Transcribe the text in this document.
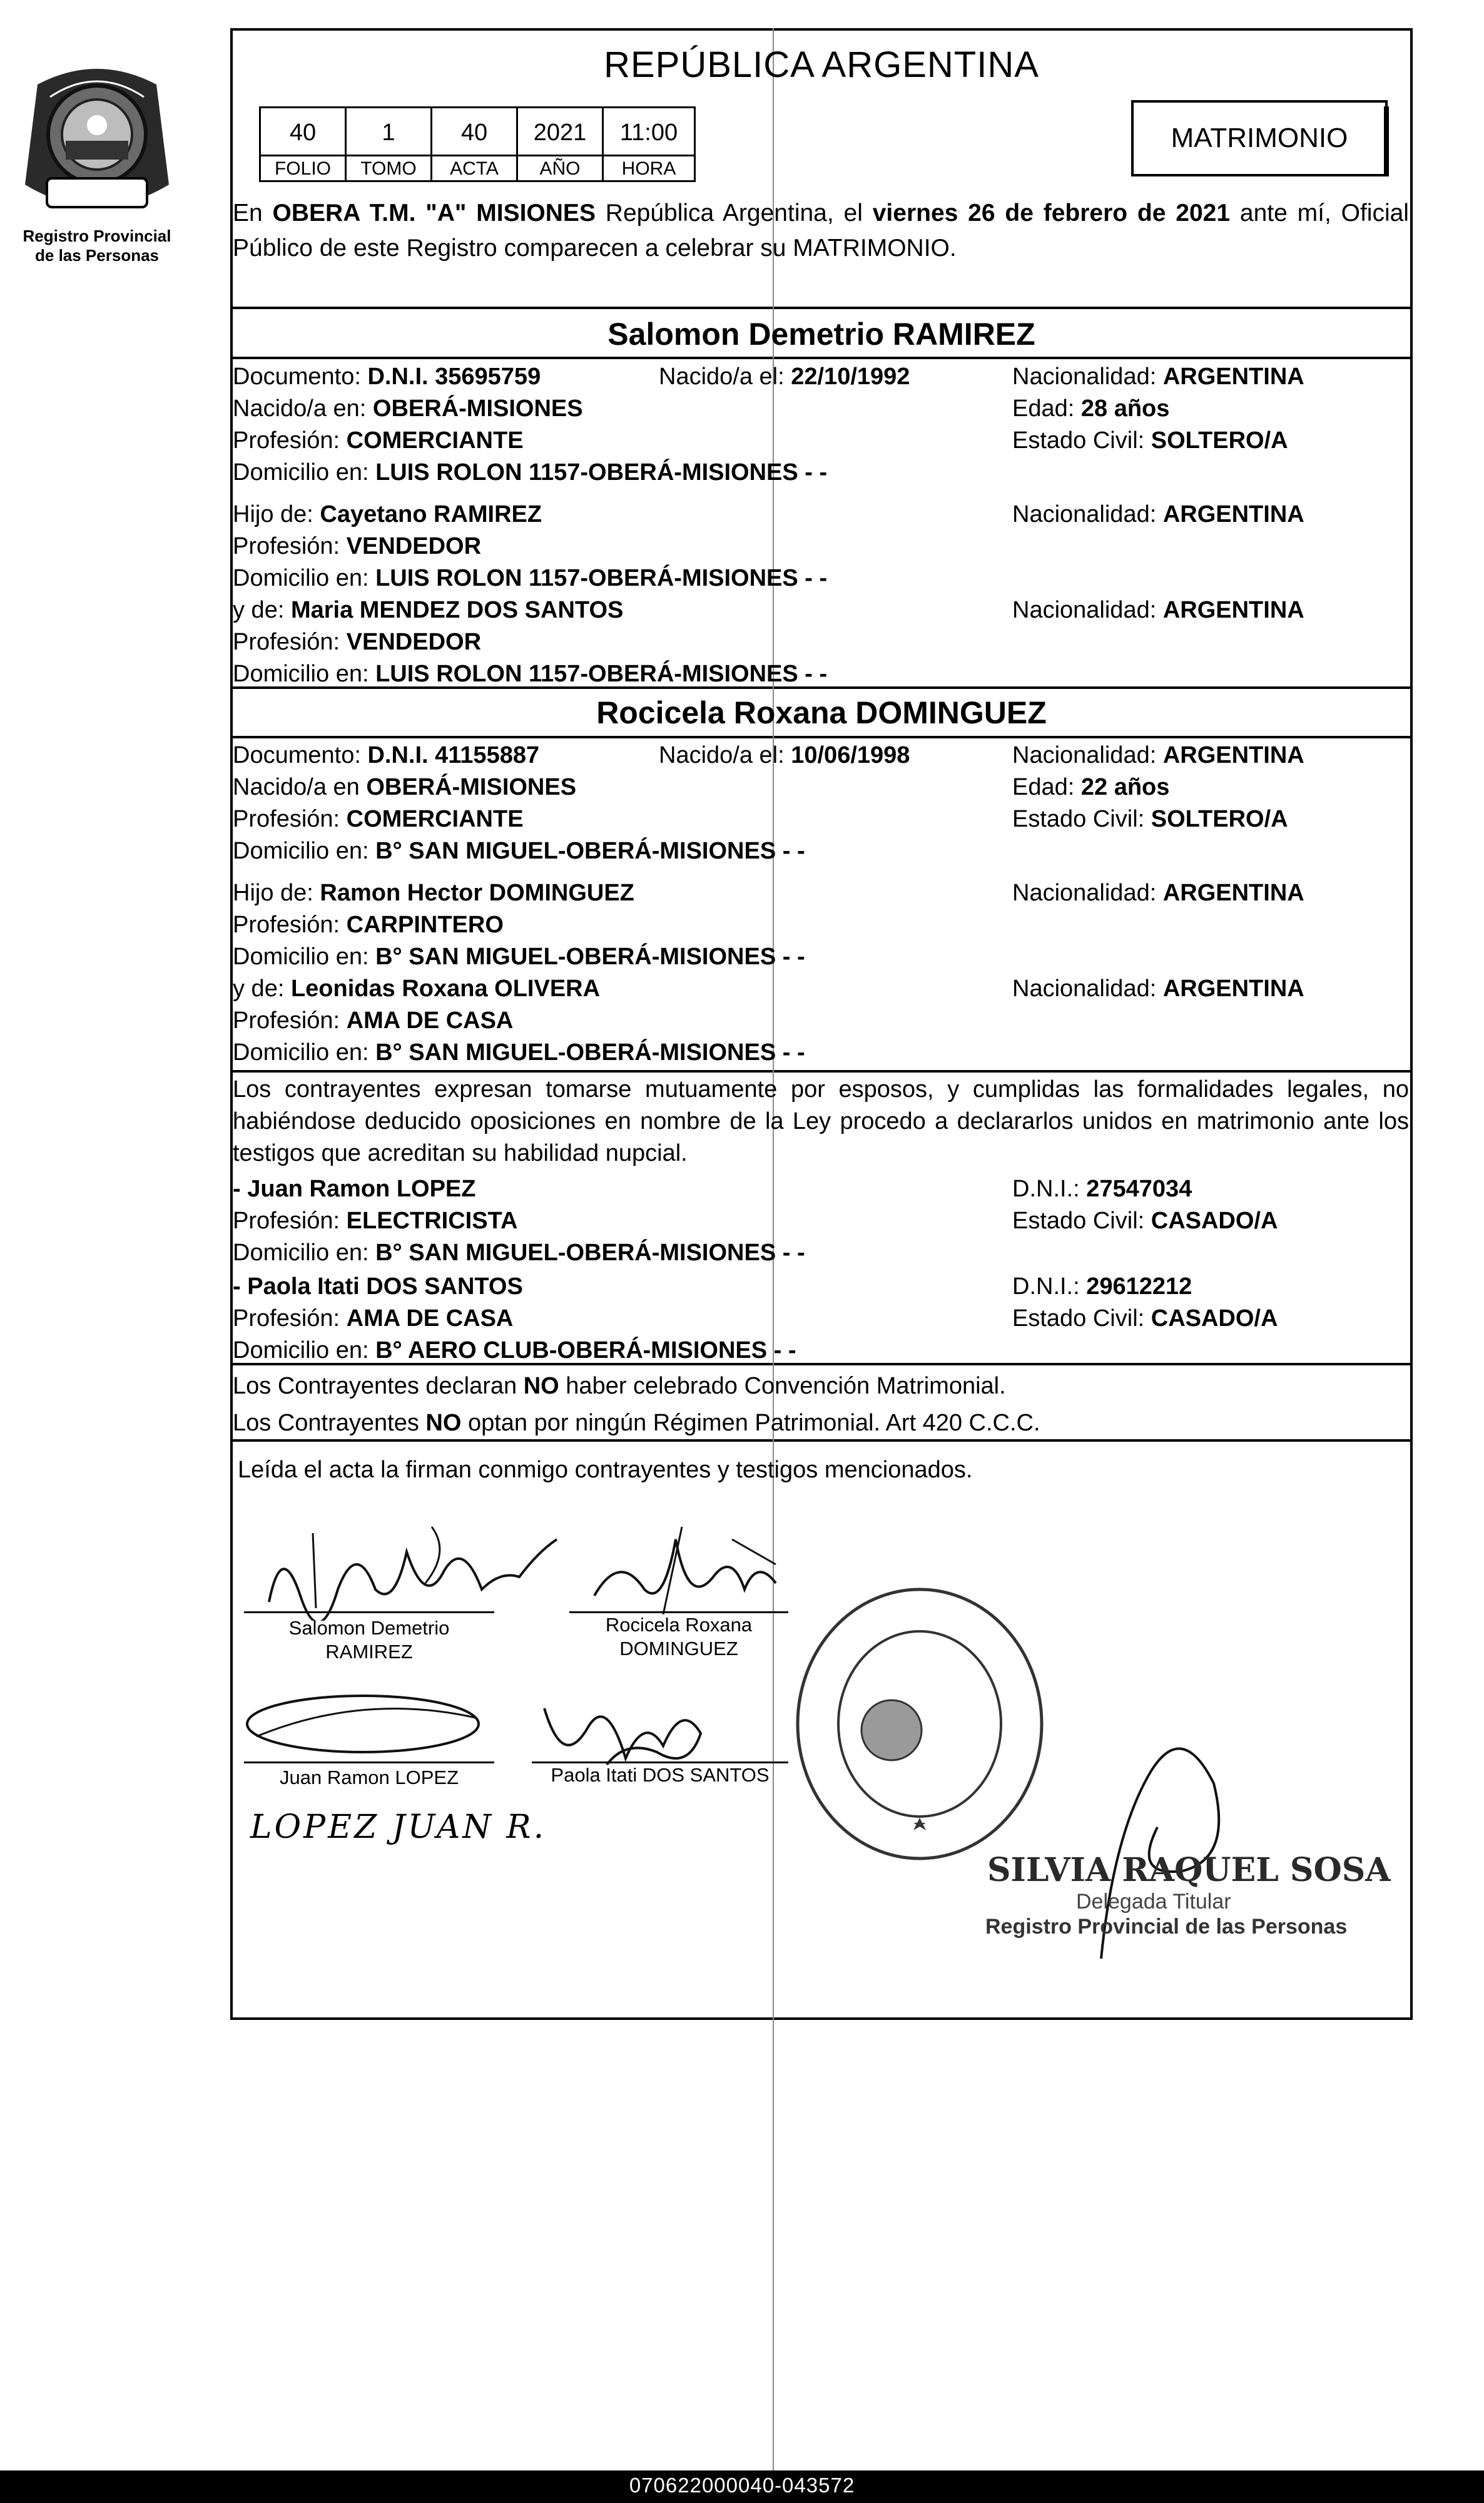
Registro Provincial
de las Personas
REPÚBLICA ARGENTINA
40	1	40	2021	11:00
FOLIO	TOMO	ACTA	AÑO	HORA
MATRIMONIO
En OBERA T.M. "A" MISIONES República Argentina, el viernes 26 de febrero de 2021 ante mí, Oficial Público de este Registro comparecen a celebrar su MATRIMONIO.
Salomon Demetrio RAMIREZ
Documento: D.N.I. 35695759	Nacido/a el: 22/10/1992	Nacionalidad: ARGENTINA
Nacido/a en: OBERÁ-MISIONES	Edad: 28 años
Profesión: COMERCIANTE	Estado Civil: SOLTERO/A
Domicilio en: LUIS ROLON 1157-OBERÁ-MISIONES - -
Hijo de: Cayetano RAMIREZ	Nacionalidad: ARGENTINA
Profesión: VENDEDOR
Domicilio en: LUIS ROLON 1157-OBERÁ-MISIONES - -
y de: Maria MENDEZ DOS SANTOS	Nacionalidad: ARGENTINA
Profesión: VENDEDOR
Domicilio en: LUIS ROLON 1157-OBERÁ-MISIONES - -
Rocicela Roxana DOMINGUEZ
Documento: D.N.I. 41155887	Nacido/a el: 10/06/1998	Nacionalidad: ARGENTINA
Nacido/a en OBERÁ-MISIONES	Edad: 22 años
Profesión: COMERCIANTE	Estado Civil: SOLTERO/A
Domicilio en: B° SAN MIGUEL-OBERÁ-MISIONES - -
Hijo de: Ramon Hector DOMINGUEZ	Nacionalidad: ARGENTINA
Profesión: CARPINTERO
Domicilio en: B° SAN MIGUEL-OBERÁ-MISIONES - -
y de: Leonidas Roxana OLIVERA	Nacionalidad: ARGENTINA
Profesión: AMA DE CASA
Domicilio en: B° SAN MIGUEL-OBERÁ-MISIONES - -
Los contrayentes expresan tomarse mutuamente por esposos, y cumplidas las formalidades legales, no habiéndose deducido oposiciones en nombre de la Ley procedo a declararlos unidos en matrimonio ante los testigos que acreditan su habilidad nupcial.
- Juan Ramon LOPEZ	D.N.I.: 27547034
Profesión: ELECTRICISTA	Estado Civil: CASADO/A
Domicilio en: B° SAN MIGUEL-OBERÁ-MISIONES - -
- Paola Itati DOS SANTOS	D.N.I.: 29612212
Profesión: AMA DE CASA	Estado Civil: CASADO/A
Domicilio en: B° AERO CLUB-OBERÁ-MISIONES - -
Los Contrayentes declaran NO haber celebrado Convención Matrimonial.
Los Contrayentes NO optan por ningún Régimen Patrimonial. Art 420 C.C.C.
Leída el acta la firman conmigo contrayentes y testigos mencionados.
Salomon Demetrio
RAMIREZ
Rocicela Roxana
DOMINGUEZ
Juan Ramon LOPEZ	Paola Itati DOS SANTOS
LOPEZ JUAN R.
SILVIA RAQUEL SOSA
Delegada Titular
Registro Provincial de las Personas
070622000040-043572
